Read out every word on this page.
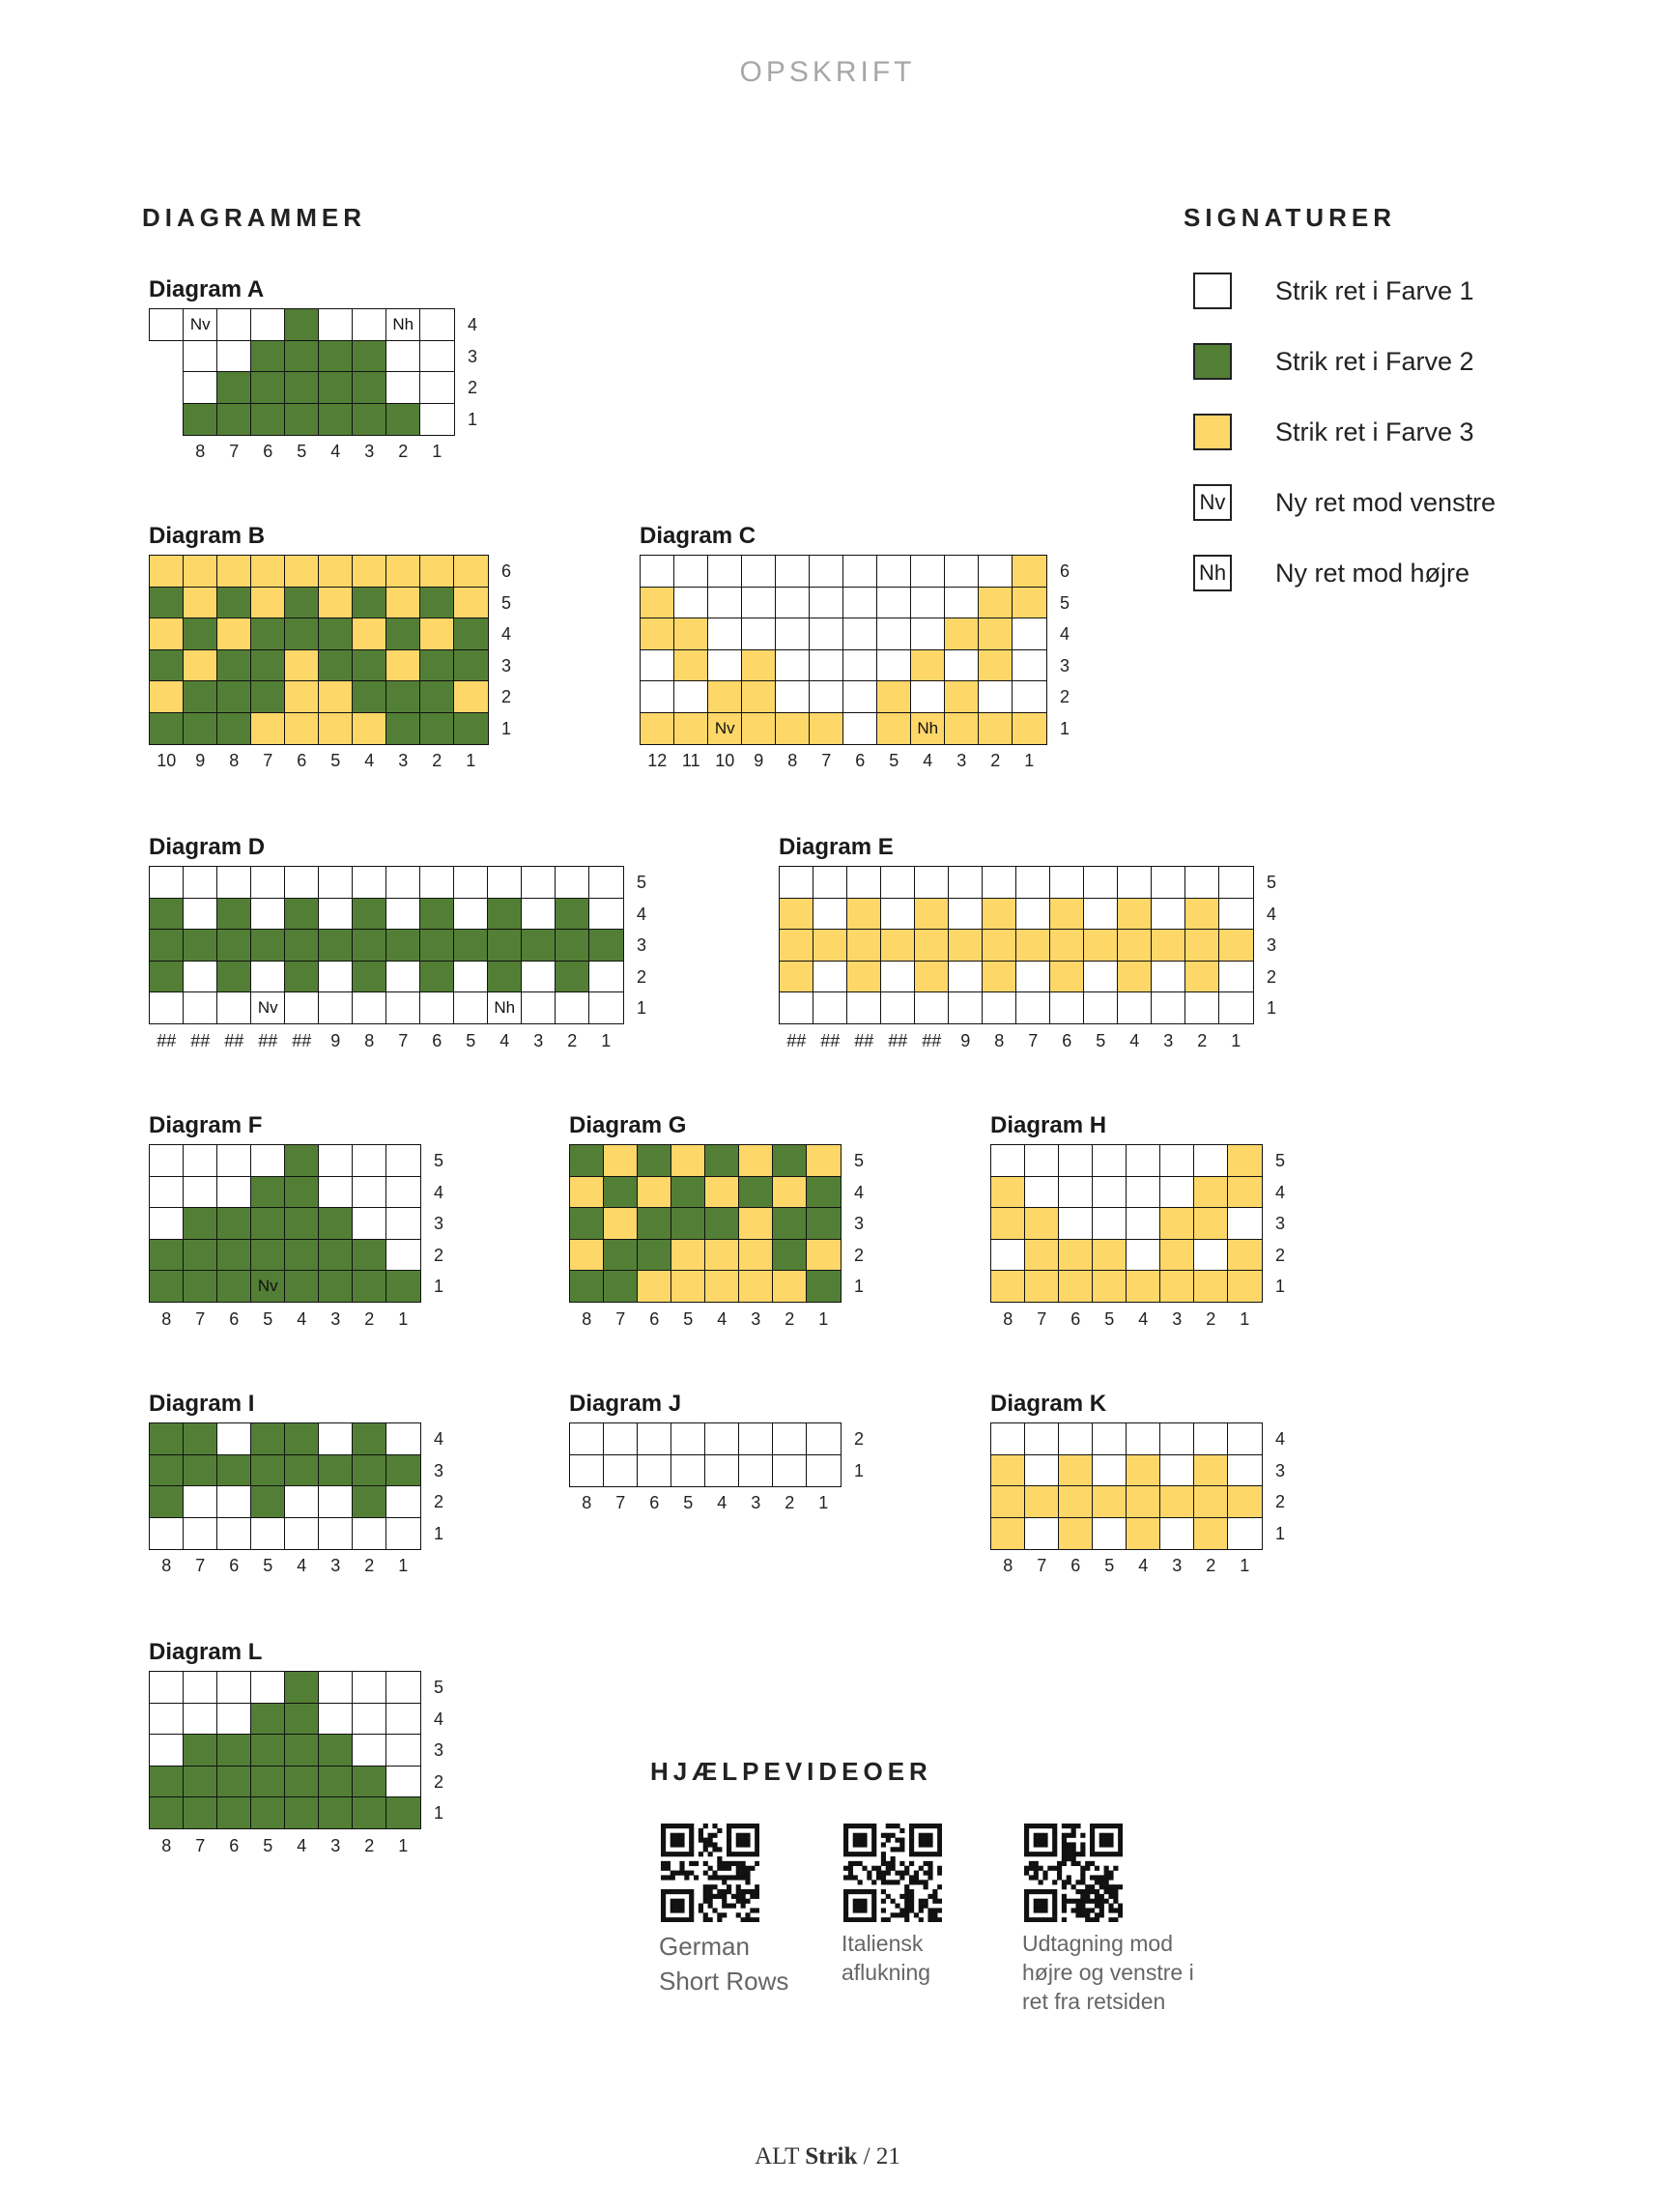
OPSKRIFT
DIAGRAMMER	SIGNATURER
HJÆLPEVIDEOER
Diagram A
Nv	Nh	4
3
2
1
8	7	6	5	4	3	2	1
Diagram B
6
5
4
3
2
1
10	9	8	7	6	5	4	3	2	1
Diagram C
6
5
4
3
2
Nv	Nh	1
12 11 10	9	8	7	6	5	4	3	2	1
Diagram D
5
4
3
2
Nv	Nh	1
## ## ## ## ##	9	8	7	6	5	4	3	2	1
Diagram E
5
4
3
2
1
## ## ## ## ##	9	8	7	6	5	4	3	2	1
Diagram F
5
4
3
2
Nv	1
8	7	6	5	4	3	2	1
Diagram G
5
4
3
2
1
8	7	6	5	4	3	2	1
Diagram H
5
4
3
2
1
8	7	6	5	4	3	2	1
Diagram I
4
3
2
1
8	7	6	5	4	3	2	1
Diagram J
2
1
8	7	6	5	4	3	2	1
Diagram K
4
3
2
1
8	7	6	5	4	3	2	1
Diagram L
5
4
3
2
1
8	7	6	5	4	3	2	1
Strik ret i Farve 1
Strik ret i Farve 2
Strik ret i Farve 3
Nv Ny ret mod venstre
Nh Ny ret mod højre
German
Short Rows
Italiensk
aflukning
Udtagning mod
højre og venstre i
ret fra retsiden
ALT Strik / 21
